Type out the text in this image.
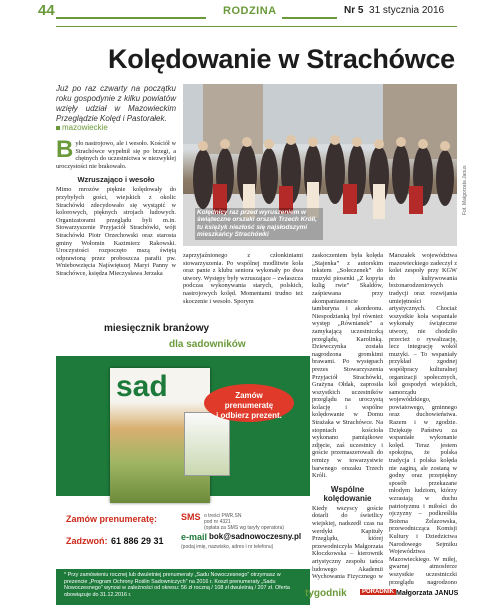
44	RODZINA	Nr 5 31 stycznia 2016
Kolędowanie w Strachówce
Już po raz czwarty na początku roku gospodynie z kilku powiatów wzięły udział w Mazowieckim Przeglądzie Kolęd i Pastorałek.
mazowieckie
Kolędnicy raz przed wyruszeniem w świąteczne orszaki orszak Trzech Króli, tu księżyk niezłość się najsłodszymi mieszkańcy Strachówki
Fot. Małgorzata Janus

Było nastrojowo, ale i wesoło. Kościół w Strachówce wypełnił się po brzegi, a chętnych do uczestnictwa w niezwykłej uroczystości nie brakowało.

Wzruszająco i wesoło

Mimo mrozów pięknie kolędowały do przybyłych gości, wiejskich z okolic Strachówki zdecydowało się wystąpić w kolorowych, pięknych strojach ludowych. Organizatorami przeglądu byli m.in. Stowarzyszenie Przyjaciół Strachówki, wójt Strachówki Piotr Orzechowski oraz starosta gminy Wołomin Kazimierz Rakowski. Uroczystości rozpoczęto mszą świętą odprawioną przez proboszcza parafii pw. Wniebowzięcia Najświętszej Maryi Panny w Strachówce, księdza Mieczysława Jerzaka

zaprzyjaźnionego z członkiniami stowarzyszenia. Po wspólnej modlitwie koła oraz panie z klubu seniora wykonały po dwa utwory. Występy były wzruszające – zwłaszcza podczas wykonywania starych, polskich, nastrojowych kolęd. Momentami trudno też skoczenie i wesoło. Sporym

zaskoczeniem była kolęda „Stajenka” z autorskim tekstem „Sołeczenek” do muzyki piosenki „Z kopyta kulig rwie” Skaldów, zaśpiewana przy akompaniamencie tamburyna i akordeonu. Niespodzianką był również występ „Równianek” a zamykającą uczestniczką przeglądu, Karolinką. Dziewczynka została nagrodzona gromkimi brawami. Po występach prezes Stowarzyszenia Przyjaciół Strachówki, Grażyna Ołdak, zaprosiła wszystkich uczestników przeglądu na uroczystą kolację i wspólne kolędowanie w Domu Strażaka w Strachówce. Na stopniach kościoła wykonano pamiątkowe zdjęcie, zaś uczestnicy i goście przemaszerowali do remizy w towarzystwie barwnego orszaku Trzech Króli.

Wspólne kolędowanie

Kiedy wszyscy goście dotarli do świetlicy wiejskiej, nadszedł czas na werdykt Kapituły Przeglądu, której przewodniczyła Małgorzata Kłoczkowska – kierownik artystyczny zespołu tańca ludowego Akademii Wychowania Fizycznego w

Marszałek województwa mazowieckiego zadeczył z kolei zespoły przy KGW do kultywowania bożonarodzeniowych tradycji oraz rozwijania umiejętności artystycznych. Chociaż wszystkie koła wspaniale wykonały świąteczne utwory, nie chodziło przecież o rywalizację, lecz integrację wokół muzyki. – To wspaniały przykład zgodnej współpracy kulturalnej organizacji społecznych, kół gospodyń wiejskich, samorządu wojewódzkiego, powiatowego, gminnego oraz duchowieństwa. Razem i w zgodzie. Dziękuję Państwu za wspaniałe wykonanie kolęd. Teraz jestem spokojna, że polska tradycja i polska kolęda nie zaginą, ale zostaną w godny oraz przepiękny sposób przekazane młodym ludziom, którzy wzrastają w duchu patriotyzmu i miłości do ojczyzny – podkreśliła Bożena Żelazowska, przewodnicząca Komisji Kultury i Dziedzictwa Narodowego Sejmiku Województwa Mazowieckiego. W miłej, gwarnej atmosferze wszystkie uczestniczki przeglądu nagrodzono

Małgorzata JANUS
miesięcznik branżowy
dla sadowników
sad	Zamów
prenumeratę
i odbierz prezent.
Zamów prenumeratę:	SMS o treści PWR.SN
pod nr 4321
(opłata za SMS wg taryfy operatora)
Zadzwoń: 61 886 29 31 e-mail bok@sadnowoczesny.pl
(podaj imię, nazwisko, adres i nr telefonu)
* Przy zamówieniu rocznej lub dwuletniej prenumeraty „Sadu Nowoczesnego” otrzymasz w prezencie „Program Ochrony Roślin Sadowniczych” na 2016 r. Koszt prenumeraty „Sadu Nowoczesnego” wynosi w zależności od okresu: 56 zł roczną / 108 zł dwuletnią / 207 zł. Oferta obowiązuje do 31.12.2016 r.	tygodnik	PORADNIK
